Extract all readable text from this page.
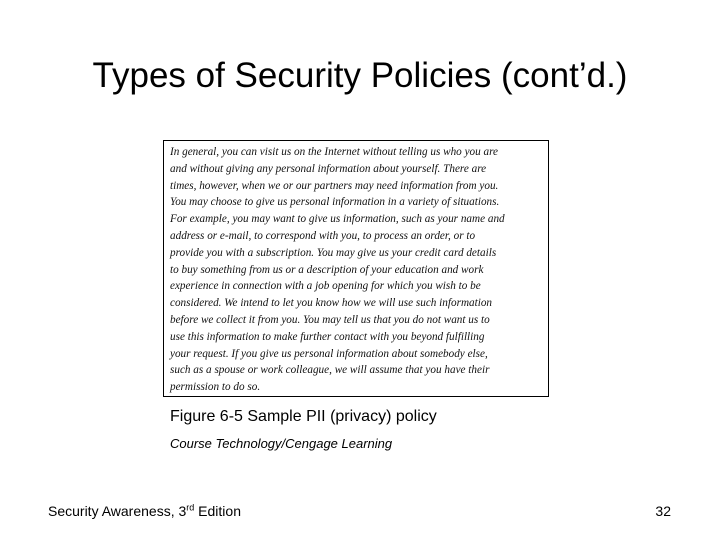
Types of Security Policies (cont’d.)
In general, you can visit us on the Internet without telling us who you are
and without giving any personal information about yourself. There are
times, however, when we or our partners may need information from you.
You may choose to give us personal information in a variety of situations.
For example, you may want to give us information, such as your name and
address or e-mail, to correspond with you, to process an order, or to
provide you with a subscription. You may give us your credit card details
to buy something from us or a description of your education and work
experience in connection with a job opening for which you wish to be
considered. We intend to let you know how we will use such information
before we collect it from you. You may tell us that you do not want us to
use this information to make further contact with you beyond fulfilling
your request. If you give us personal information about somebody else,
such as a spouse or work colleague, we will assume that you have their
permission to do so.
Figure 6-5 Sample PII (privacy) policy
Course Technology/Cengage Learning
Security Awareness, 3rd Edition	32
